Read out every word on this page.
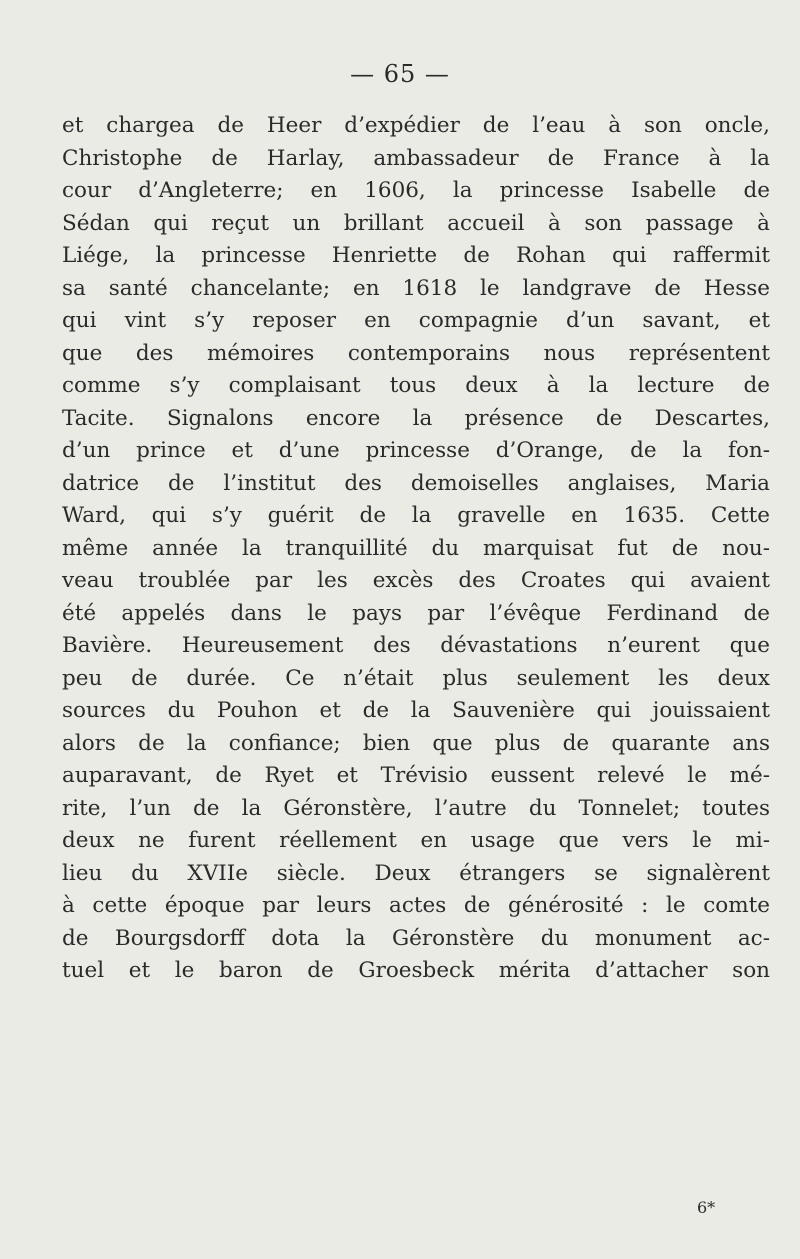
— 65 —
et chargea de Heer d’expédier de l’eau à son oncle,
Christophe de Harlay, ambassadeur de France à la
cour d’Angleterre; en 1606, la princesse Isabelle de
Sédan qui reçut un brillant accueil à son passage à
Liége, la princesse Henriette de Rohan qui raffermit
sa santé chancelante; en 1618 le landgrave de Hesse
qui vint s’y reposer en compagnie d’un savant, et
que des mémoires contemporains nous représentent
comme s’y complaisant tous deux à la lecture de
Tacite. Signalons encore la présence de Descartes,
d’un prince et d’une princesse d’Orange, de la fon-
datrice de l’institut des demoiselles anglaises, Maria
Ward, qui s’y guérit de la gravelle en 1635. Cette
même année la tranquillité du marquisat fut de nou-
veau troublée par les excès des Croates qui avaient
été appelés dans le pays par l’évêque Ferdinand de
Bavière. Heureusement des dévastations n’eurent que
peu de durée. Ce n’était plus seulement les deux
sources du Pouhon et de la Sauvenière qui jouissaient
alors de la confiance; bien que plus de quarante ans
auparavant, de Ryet et Trévisio eussent relevé le mé-
rite, l’un de la Géronstère, l’autre du Tonnelet; toutes
deux ne furent réellement en usage que vers le mi-
lieu du XVIIe siècle. Deux étrangers se signalèrent
à cette époque par leurs actes de générosité : le comte
de Bourgsdorff dota la Géronstère du monument ac-
tuel et le baron de Groesbeck mérita d’attacher son
6*
